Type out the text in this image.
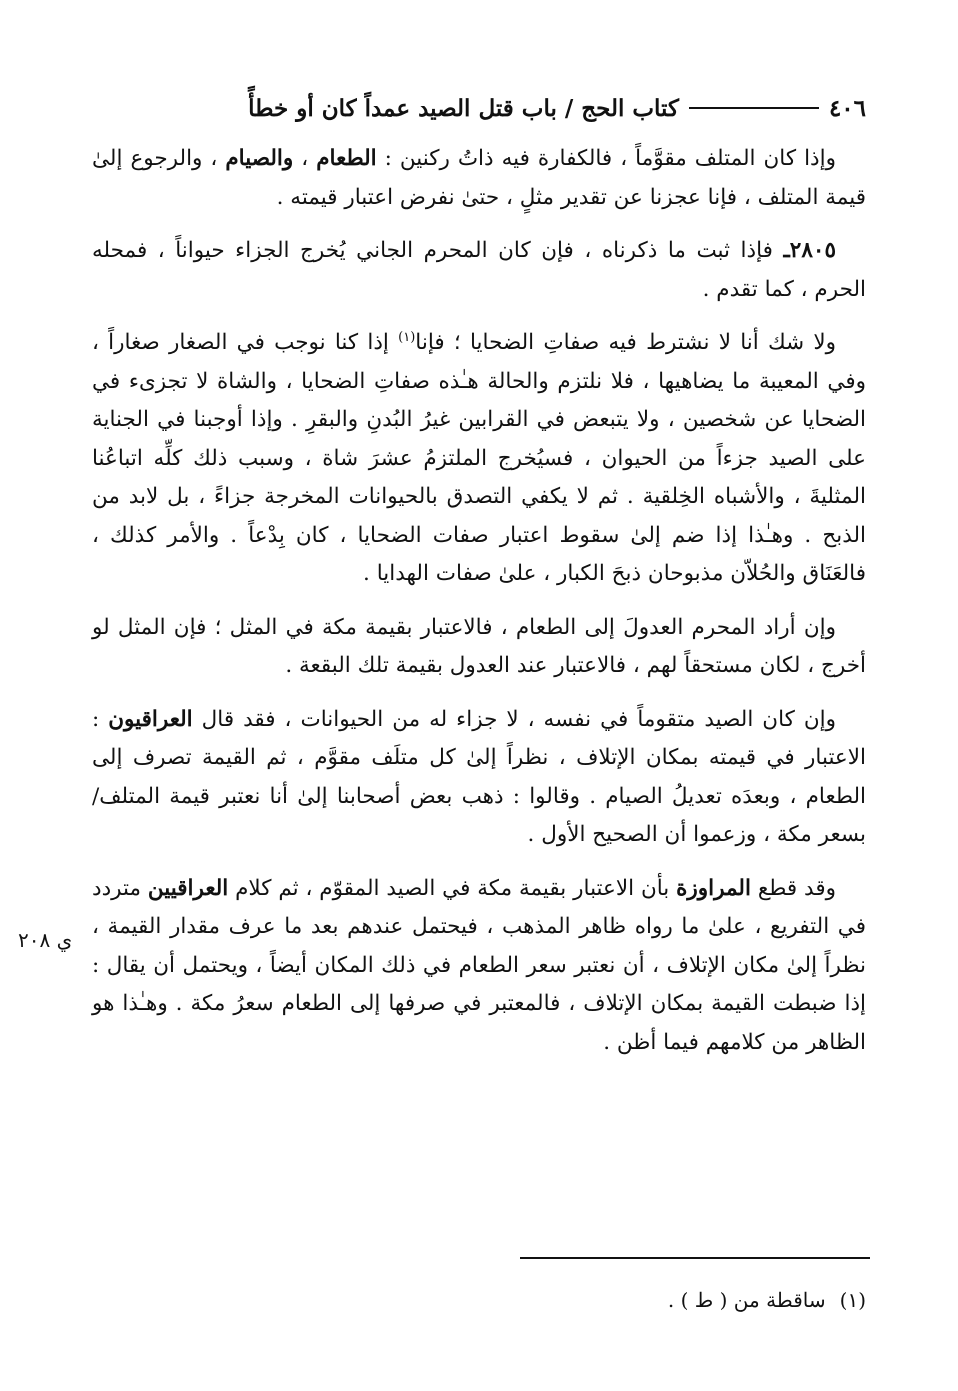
٤٠٦
كتاب الحج / باب قتل الصيد عمداً كان أو خطأً

وإذا كان المتلف مقوَّماً ، فالكفارة فيه ذاتُ ركنين : الطعام ، والصيام ، والرجوع إلىٰ قيمة المتلف ، فإنا عجزنا عن تقدير مثلٍ ، حتىٰ نفرض اعتبار قيمته .

٢٨٠٥ـ فإذا ثبت ما ذكرناه ، فإن كان المحرم الجاني يُخرج الجزاء حيواناً ، فمحله الحرم ، كما تقدم .

ولا شك أنا لا نشترط فيه صفاتِ الضحايا ؛ فإنا$^{(١)}$ إذا كنا نوجب في الصغار صغاراً ، وفي المعيبة ما يضاهيها ، فلا نلتزم والحالة هـٰذه صفاتِ الضحايا ، والشاة لا تجزىء في الضحايا عن شخصين ، ولا يتبعض في القرابين غيرُ البُدنِ والبقرِ . وإذا أوجبنا في الجناية على الصيد جزءاً من الحيوان ، فسيُخرج الملتزمُ عشرَ شاة ، وسبب ذلك كلِّه اتباعُنا المثليةَ ، والأشباه الخِلقية . ثم لا يكفي التصدق بالحيوانات المخرجة جزاءً ، بل لابد من الذبح . وهـٰذا إذا ضم إلىٰ سقوط اعتبار صفات الضحايا ، كان بِدْعاً . والأمر كذلك ، فالعَنَاق والحُلاّن مذبوحان ذبحَ الكبار ، علىٰ صفات الهدايا .

وإن أراد المحرم العدولَ إلى الطعام ، فالاعتبار بقيمة مكة في المثل ؛ فإن المثل لو أخرج ، لكان مستحقاً لهم ، فالاعتبار عند العدول بقيمة تلك البقعة .

وإن كان الصيد متقوماً في نفسه ، لا جزاء له من الحيوانات ، فقد قال العراقيون : الاعتبار في قيمته بمكان الإتلاف ، نظراً إلىٰ كل متلَف مقوَّم ، ثم القيمة تصرف إلى الطعام ، وبعدَه تعديلُ الصيام . وقالوا : ذهب بعض أصحابنا إلىٰ أنا نعتبر قيمة المتلف/ بسعر مكة ، وزعموا أن الصحيح الأول .

وقد قطع المراوزة بأن الاعتبار بقيمة مكة في الصيد المقوّم ، ثم كلام العراقيين متردد في التفريع ، علىٰ ما رواه ظاهر المذهب ، فيحتمل عندهم بعد ما عرف مقدار القيمة ، نظراً إلىٰ مكان الإتلاف ، أن نعتبر سعر الطعام في ذلك المكان أيضاً ، ويحتمل أن يقال : إذا ضبطت القيمة بمكان الإتلاف ، فالمعتبر في صرفها إلى الطعام سعرُ مكة . وهـٰذا هو الظاهر من كلامهم فيما أظن .

ي ٢٠٨
(١)ساقطة من ( ط ) .
